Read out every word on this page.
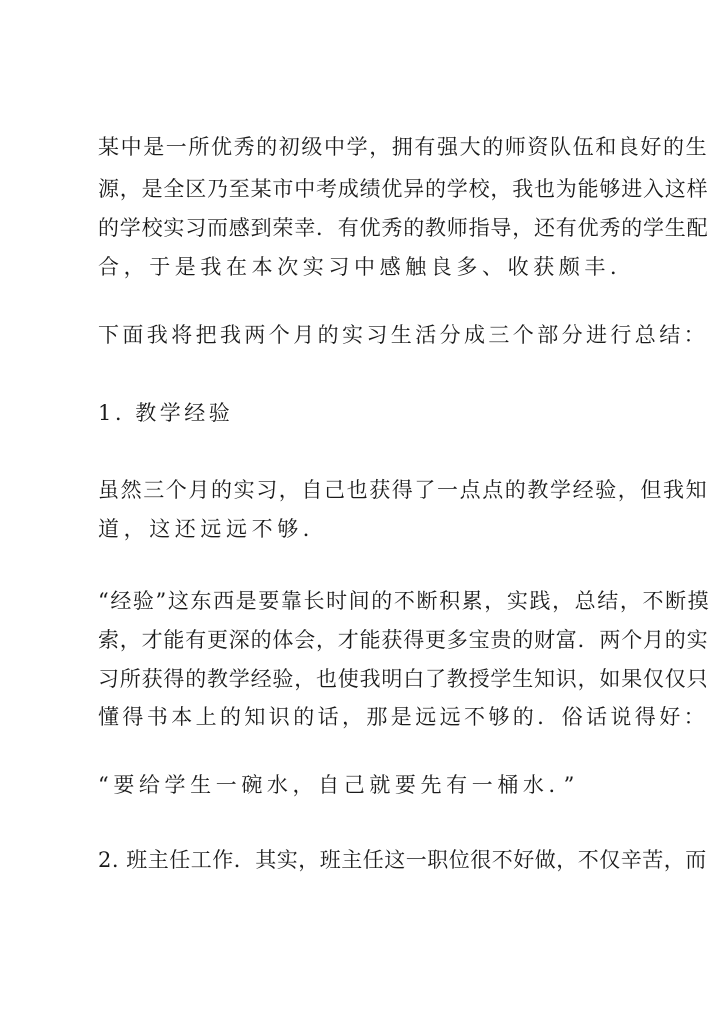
某中是一所优秀的初级中学，拥有强大的师资队伍和良好的生
源，是全区乃至某市中考成绩优异的学校，我也为能够进入这样
的学校实习而感到荣幸．有优秀的教师指导，还有优秀的学生配
合，于是我在本次实习中感触良多、收获颇丰．
下面我将把我两个月的实习生活分成三个部分进行总结：
1. 教学经验
虽然三个月的实习，自己也获得了一点点的教学经验，但我知
道，这还远远不够．
“经验”这东西是要靠长时间的不断积累，实践，总结，不断摸
索，才能有更深的体会，才能获得更多宝贵的财富．两个月的实
习所获得的教学经验，也使我明白了教授学生知识，如果仅仅只
懂得书本上的知识的话，那是远远不够的．俗话说得好：
“要给学生一碗水，自己就要先有一桶水．”
2. 班主任工作．其实，班主任这一职位很不好做，不仅辛苦，而
